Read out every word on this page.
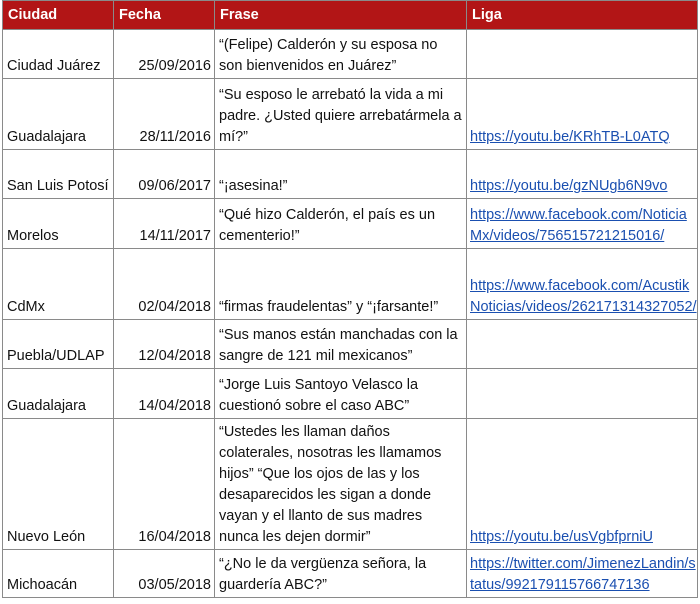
Ciudad	Fecha	Frase	Liga
Ciudad Juárez	25/09/2016	“(Felipe) Calderón y su esposa no son bienvenidos en Juárez”	
Guadalajara	28/11/2016	“Su esposo le arrebató la vida a mi padre. ¿Usted quiere arrebatármela a mí?”	https://youtu.be/KRhTB-L0ATQ
San Luis Potosí	09/06/2017	“¡asesina!”	https://youtu.be/gzNUgb6N9vo
Morelos	14/11/2017	“Qué hizo Calderón, el país es un cementerio!”	https://www.facebook.com/NoticiaMx/videos/756515721215016/
CdMx	02/04/2018	“firmas fraudelentas” y “¡farsante!”	https://www.facebook.com/AcustikNoticias/videos/262171314327052/
Puebla/UDLAP	12/04/2018	“Sus manos están manchadas con la sangre de 121 mil mexicanos”	
Guadalajara	14/04/2018	“Jorge Luis Santoyo Velasco la cuestionó sobre el caso ABC”	
Nuevo León	16/04/2018	“Ustedes les llaman daños colaterales, nosotras les llamamos hijos” “Que los ojos de las y los desaparecidos les sigan a donde vayan y el llanto de sus madres nunca les dejen dormir”	https://youtu.be/usVgbfprniU
Michoacán	03/05/2018	“¿No le da vergüenza señora, la guardería ABC?”	https://twitter.com/JimenezLandin/status/992179115766747136
